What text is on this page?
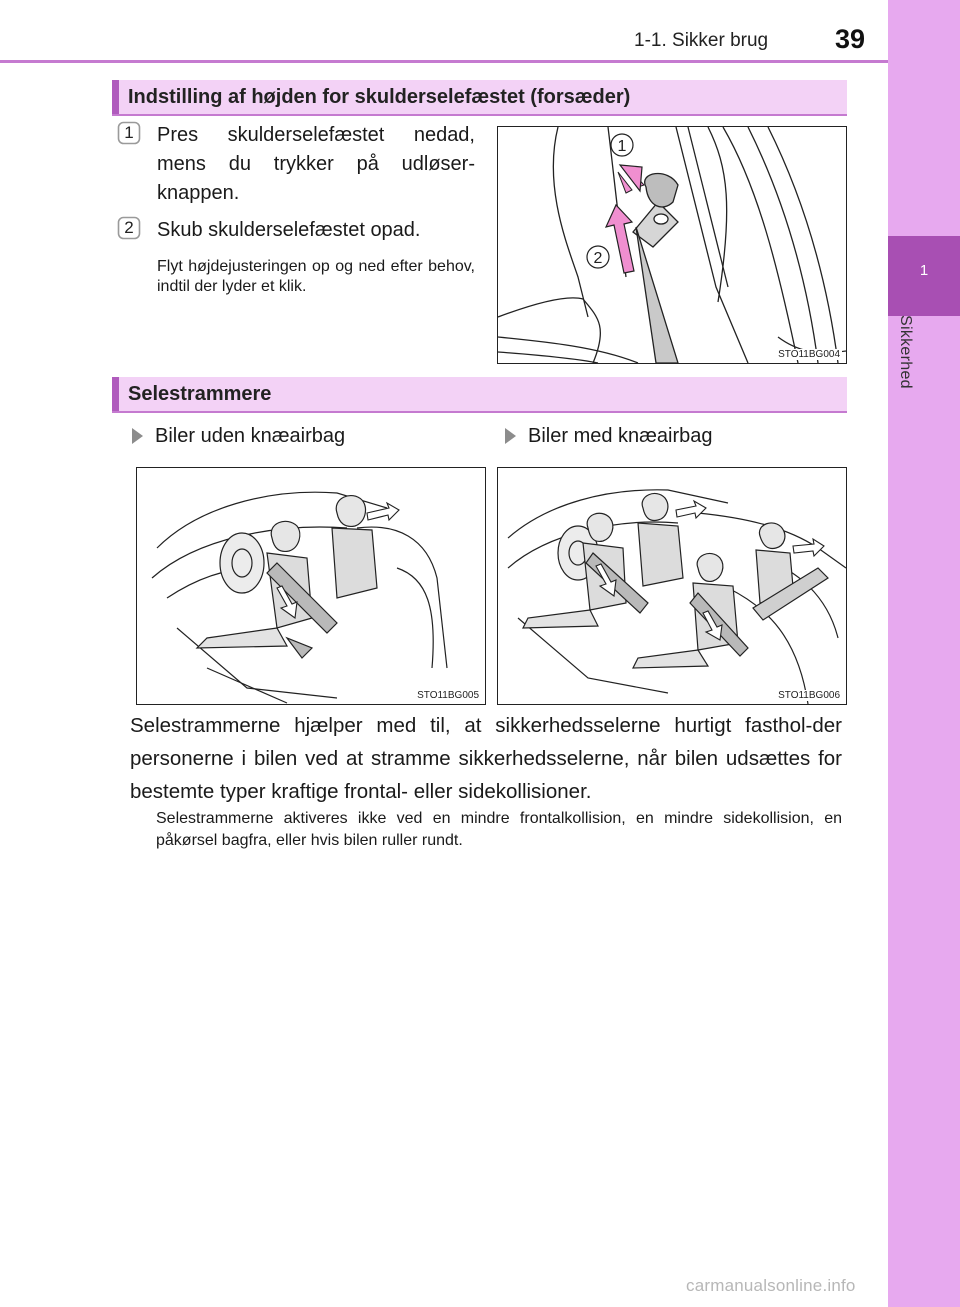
1-1. Sikker brug 39
1
Sikkerhed
Indstilling af højden for skulderselefæstet (forsæder)
1	Pres skulderselefæstet nedad, mens du trykker på udløser-knappen.
2	Skub skulderselefæstet opad.
Flyt højdejusteringen op og ned efter behov, indtil der lyder et klik.
1
2
STO11BG004
Selestrammere
Biler uden knæairbag	Biler med knæairbag
STO11BG005	STO11BG006
Selestrammerne hjælper med til, at sikkerhedsselerne hurtigt fasthol-der personerne i bilen ved at stramme sikkerhedsselerne, når bilen udsættes for bestemte typer kraftige frontal- eller sidekollisioner.
Selestrammerne aktiveres ikke ved en mindre frontalkollision, en mindre sidekollision, en påkørsel bagfra, eller hvis bilen ruller rundt.
carmanualsonline.info
